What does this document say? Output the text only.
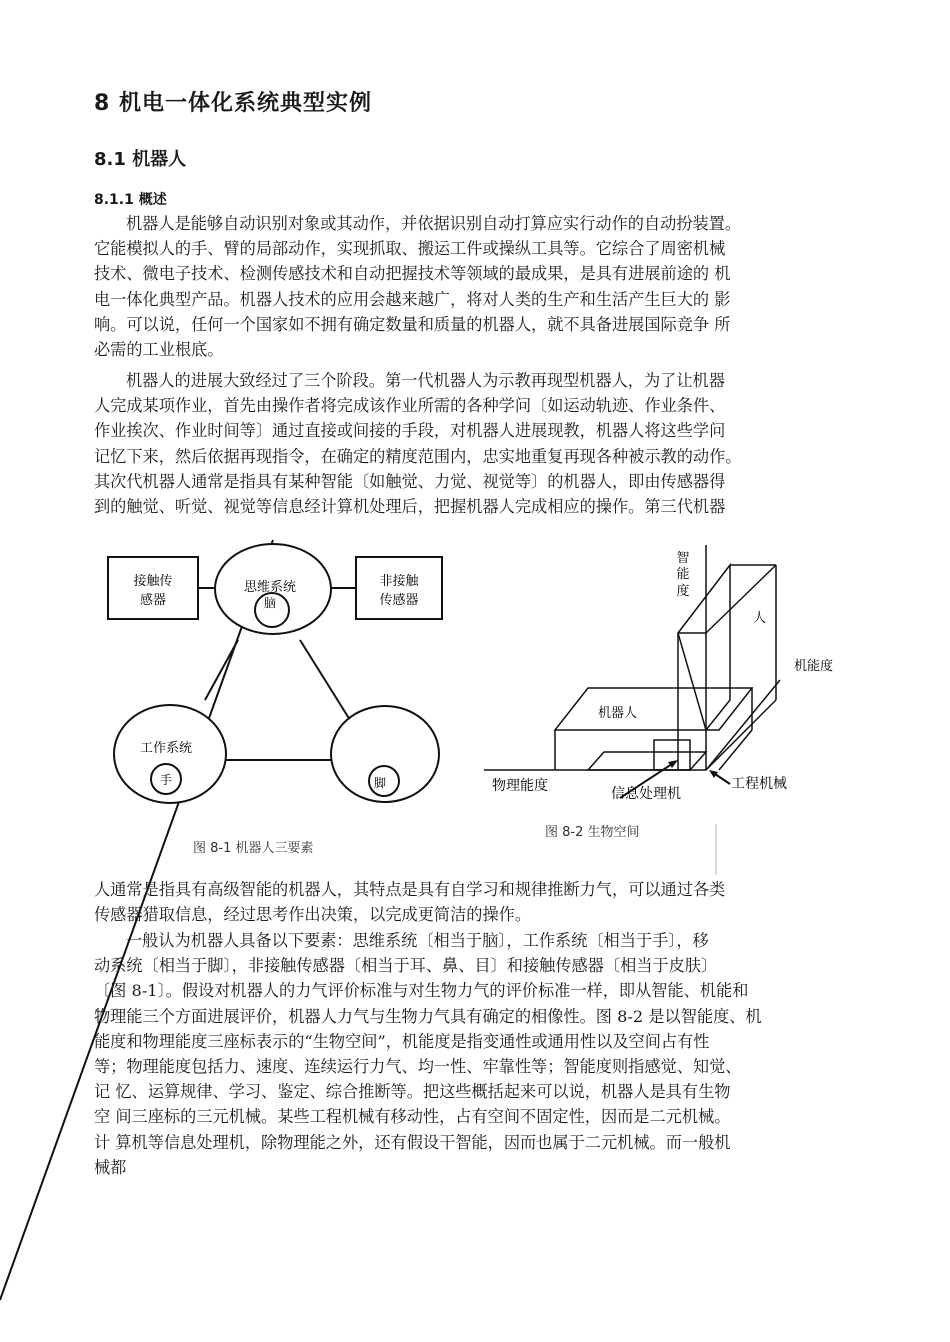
8 机电一体化系统典型实例
8.1 机器人
8.1.1 概述
机器人是能够自动识别对象或其动作，并依据识别自动打算应实行动作的自动扮装置。
它能模拟人的手、臂的局部动作，实现抓取、搬运工件或操纵工具等。它综合了周密机械
技术、微电子技术、检测传感技术和自动把握技术等领域的最成果，是具有进展前途的 机
电一体化典型产品。机器人技术的应用会越来越广，将对人类的生产和生活产生巨大的 影
响。可以说，任何一个国家如不拥有确定数量和质量的机器人，就不具备进展国际竞争 所
必需的工业根底。
机器人的进展大致经过了三个阶段。第一代机器人为示教再现型机器人，为了让机器
人完成某项作业，首先由操作者将完成该作业所需的各种学问〔如运动轨迹、作业条件、
作业挨次、作业时间等〕通过直接或间接的手段，对机器人进展现教，机器人将这些学问
记忆下来，然后依据再现指令，在确定的精度范围内，忠实地重复再现各种被示教的动作。
其次代机器人通常是指具有某种智能〔如触觉、力觉、视觉等〕的机器人，即由传感器得
到的触觉、听觉、视觉等信息经计算机处理后，把握机器人完成相应的操作。第三代机器
接触传
感器
非接触
传感器
思维系统
脑
工作系统
手	脚
图 8-1 机器人三要素
智
能
度
人
机能度
机器人
物理能度	信息处理机
工程机械
图 8-2 生物空间
人通常是指具有高级智能的机器人，其特点是具有自学习和规律推断力气，可以通过各类
传感器猎取信息，经过思考作出决策，以完成更简洁的操作。
一般认为机器人具备以下要素：思维系统〔相当于脑〕，工作系统〔相当于手〕，移
动系统〔相当于脚〕，非接触传感器〔相当于耳、鼻、目〕和接触传感器〔相当于皮肤〕
〔图 8-1〕。假设对机器人的力气评价标准与对生物力气的评价标准一样，即从智能、机能和
物理能三个方面进展评价，机器人力气与生物力气具有确定的相像性。图 8-2 是以智能度、机
能度和物理能度三座标表示的“生物空间”，机能度是指变通性或通用性以及空间占有性
等；物理能度包括力、速度、连续运行力气、均一性、牢靠性等；智能度则指感觉、知觉、
记 忆、运算规律、学习、鉴定、综合推断等。把这些概括起来可以说，机器人是具有生物
空 间三座标的三元机械。某些工程机械有移动性，占有空间不固定性，因而是二元机械。
计 算机等信息处理机，除物理能之外，还有假设干智能，因而也属于二元机械。而一般机
械都
